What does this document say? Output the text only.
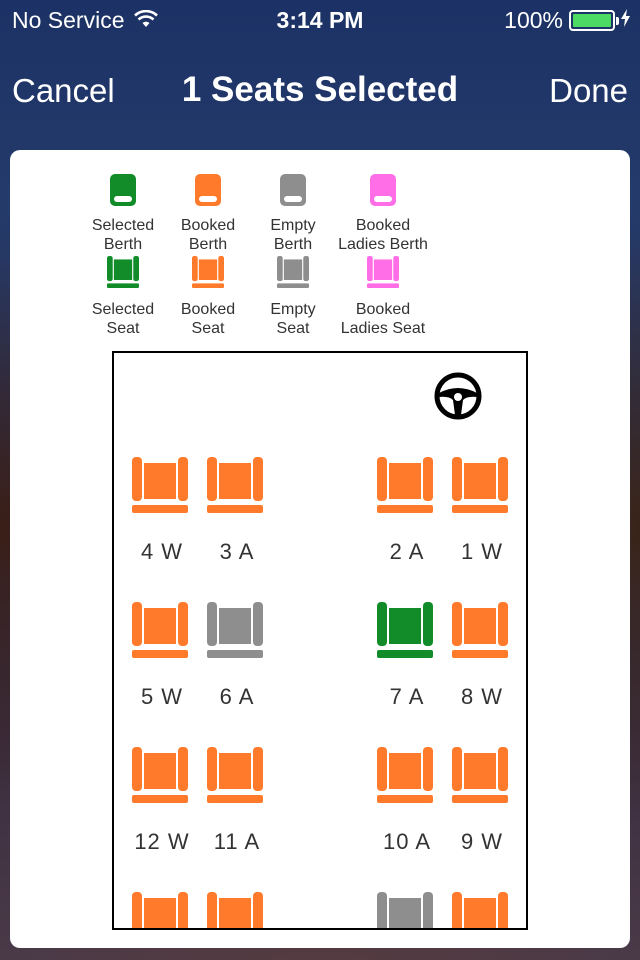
No Service	3:14 PM	100%
Cancel	1 Seats Selected	Done
Selected
Berth
Booked
Berth
Empty
Berth
Booked
Ladies Berth
Selected
Seat
Booked
Seat
Empty
Seat
Booked
Ladies Seat
4 W	3 A	2 A	1 W
5 W	6 A	7 A	8 W
12 W	11 A	10 A	9 W
